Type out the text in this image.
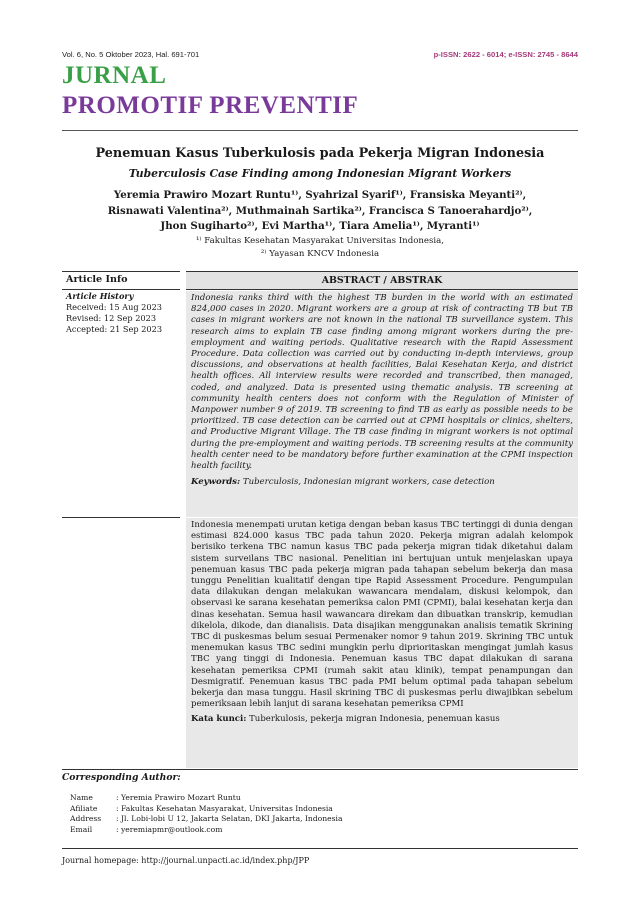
Vol. 6, No. 5 Oktober 2023, Hal. 691-701	p-ISSN: 2622 - 6014; e-ISSN: 2745 - 8644
JURNAL
PROMOTIF PREVENTIF
Penemuan Kasus Tuberkulosis pada Pekerja Migran Indonesia
Tuberculosis Case Finding among Indonesian Migrant Workers
Yeremia Prawiro Mozart Runtu¹⁾, Syahrizal Syarif¹⁾, Fransiska Meyanti²⁾,
Risnawati Valentina²⁾, Muthmainah Sartika²⁾, Francisca S Tanoerahardjo²⁾,
Jhon Sugiharto²⁾, Evi Martha¹⁾, Tiara Amelia¹⁾, Myranti¹⁾
¹⁾ Fakultas Kesehatan Masyarakat Universitas Indonesia,
²⁾ Yayasan KNCV Indonesia
Article Info
Article History
Received: 15 Aug 2023
Revised: 12 Sep 2023
Accepted: 21 Sep 2023
ABSTRACT / ABSTRAK

Indonesia ranks third with the highest TB burden in the world with an estimated 824,000 cases in 2020. Migrant workers are a group at risk of contracting TB but TB cases in migrant workers are not known in the national TB surveillance system. This research aims to explain TB case finding among migrant workers during the pre-employment and waiting periods. Qualitative research with the Rapid Assessment Procedure. Data collection was carried out by conducting in-depth interviews, group discussions, and observations at health facilities, Balai Kesehatan Kerja, and district health offices. All interview results were recorded and transcribed, then managed, coded, and analyzed. Data is presented using thematic analysis. TB screening at community health centers does not conform with the Regulation of Minister of Manpower number 9 of 2019. TB screening to find TB as early as possible needs to be prioritized. TB case detection can be carried out at CPMI hospitals or clinics, shelters, and Productive Migrant Village. The TB case finding in migrant workers is not optimal during the pre-employment and waiting periods. TB screening results at the community health center need to be mandatory before further examination at the CPMI inspection health facility.

Keywords: Tuberculosis, Indonesian migrant workers, case detection

Indonesia menempati urutan ketiga dengan beban kasus TBC tertinggi di dunia dengan estimasi 824.000 kasus TBC pada tahun 2020. Pekerja migran adalah kelompok berisiko terkena TBC namun kasus TBC pada pekerja migran tidak diketahui dalam sistem surveilans TBC nasional. Penelitian ini bertujuan untuk menjelaskan upaya penemuan kasus TBC pada pekerja migran pada tahapan sebelum bekerja dan masa tunggu Penelitian kualitatif dengan tipe Rapid Assessment Procedure. Pengumpulan data dilakukan dengan melakukan wawancara mendalam, diskusi kelompok, dan observasi ke sarana kesehatan pemeriksa calon PMI (CPMI), balai kesehatan kerja dan dinas kesehatan. Semua hasil wawancara direkam dan dibuatkan transkrip, kemudian dikelola, dikode, dan dianalisis. Data disajikan menggunakan analisis tematik Skrining TBC di puskesmas belum sesuai Permenaker nomor 9 tahun 2019. Skrining TBC untuk menemukan kasus TBC sedini mungkin perlu diprioritaskan mengingat jumlah kasus TBC yang tinggi di Indonesia. Penemuan kasus TBC dapat dilakukan di sarana kesehatan pemeriksa CPMI (rumah sakit atau klinik), tempat penampungan dan Desmigratif. Penemuan kasus TBC pada PMI belum optimal pada tahapan sebelum bekerja dan masa tunggu. Hasil skrining TBC di puskesmas perlu diwajibkan sebelum pemeriksaan lebih lanjut di sarana kesehatan pemeriksa CPMI

Kata kunci: Tuberkulosis, pekerja migran Indonesia, penemuan kasus
Corresponding Author:
Name	: Yeremia Prawiro Mozart Runtu
Afiliate	: Fakultas Kesehatan Masyarakat, Universitas Indonesia
Address	: Jl. Lobi-lobi U 12, Jakarta Selatan, DKI Jakarta, Indonesia
Email	: yeremiapmr@outlook.com
Journal homepage: http://journal.unpacti.ac.id/index.php/JPP
